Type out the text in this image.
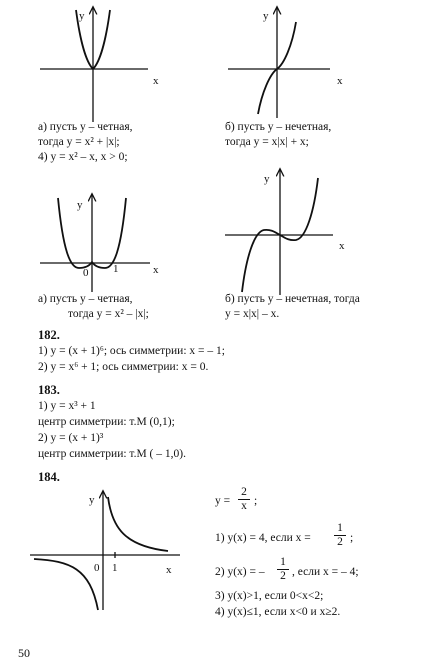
y
x
y
x
y
x
0 1
y
x
y
x
0 1
а) пусть y – четная,
тогда y = x² + |x|;
4) y = x² – x, x > 0;
б) пусть y – нечетная,
тогда y = x|x| + x;
а) пусть y – четная,
тогда y = x² – |x|;
б) пусть y – нечетная, тогда
y = x|x| – x.
182.
1) y = (x + 1)⁶; ось симметрии: x = – 1;
2) y = x⁶ + 1; ось симметрии: x = 0.
183.
1) y = x³ + 1
центр симметрии: т.М (0,1);
2) y = (x + 1)³
центр симметрии: т.М ( – 1,0).
184.
$y = \frac{2}{x}$ ;
1) y(x) = 4, если $x = \frac{1}{2}$ ;
2) y(x) = – $\frac{1}{2}$ , если x = – 4;
3) y(x)>1, если 0<x<2;
4) y(x)≤1, если x<0 и x≥2.
50
